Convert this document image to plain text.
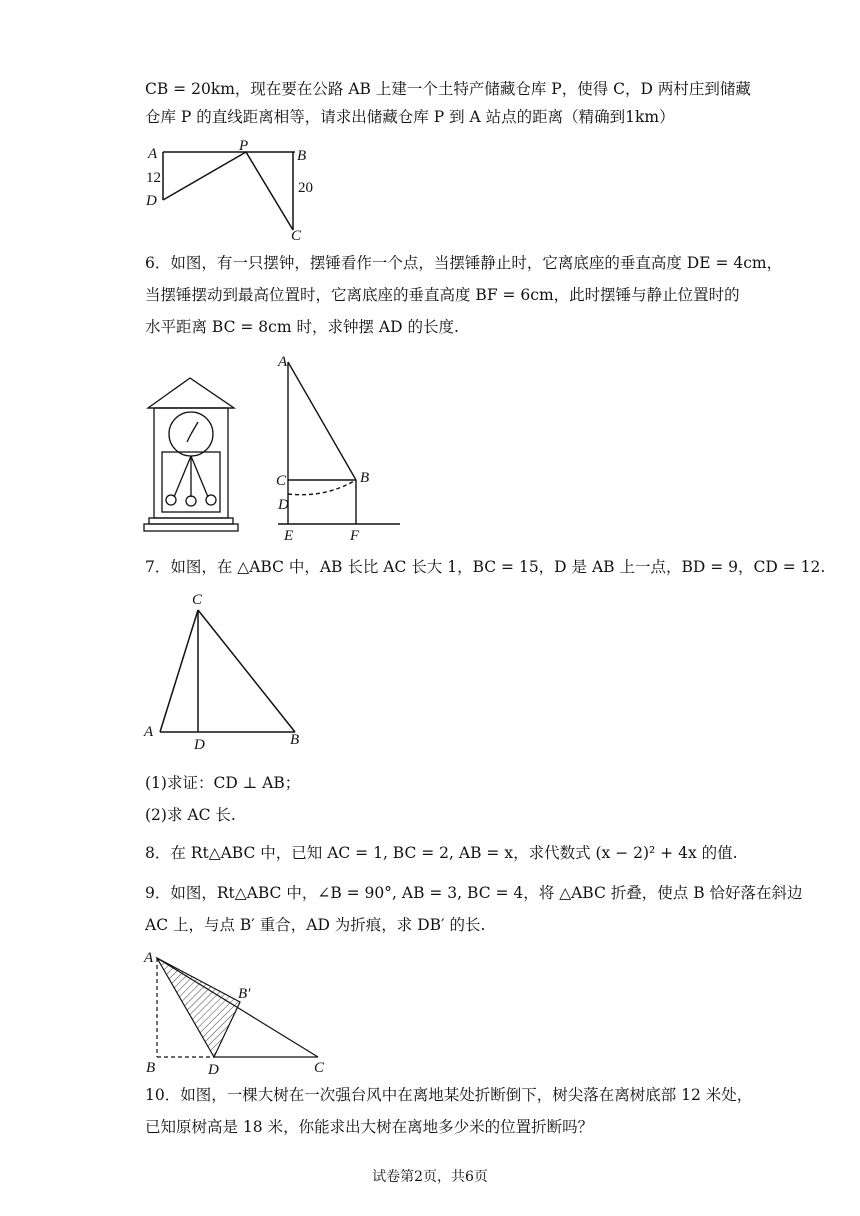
CB = 20km，现在要在公路 AB 上建一个土特产储藏仓库 P，使得 C，D 两村庄到储藏
仓库 P 的直线距离相等，请求出储藏仓库 P 到 A 站点的距离（精确到1km）
A	P
B
D
C
12
20
6．如图，有一只摆钟，摆锤看作一个点，当摆锤静止时，它离底座的垂直高度 DE = 4cm，
当摆锤摆动到最高位置时，它离底座的垂直高度 BF = 6cm，此时摆锤与静止位置时的
水平距离 BC = 8cm 时，求钟摆 AD 的长度.
A
B
C
D
E	F
7．如图，在 △ABC 中，AB 长比 AC 长大 1，BC = 15，D 是 AB 上一点，BD = 9，CD = 12.
C
A
D	B
(1)求证：CD ⊥ AB；
(2)求 AC 长.
8．在 Rt△ABC 中，已知 AC = 1, BC = 2, AB = x，求代数式 (x − 2)² + 4x 的值.
9．如图，Rt△ABC 中，∠B = 90°, AB = 3, BC = 4，将 △ABC 折叠，使点 B 恰好落在斜边
AC 上，与点 B′ 重合，AD 为折痕，求 DB′ 的长.
A
B′
B	D	C
10．如图，一棵大树在一次强台风中在离地某处折断倒下，树尖落在离树底部 12 米处，
已知原树高是 18 米，你能求出大树在离地多少米的位置折断吗？
试卷第2页，共6页
